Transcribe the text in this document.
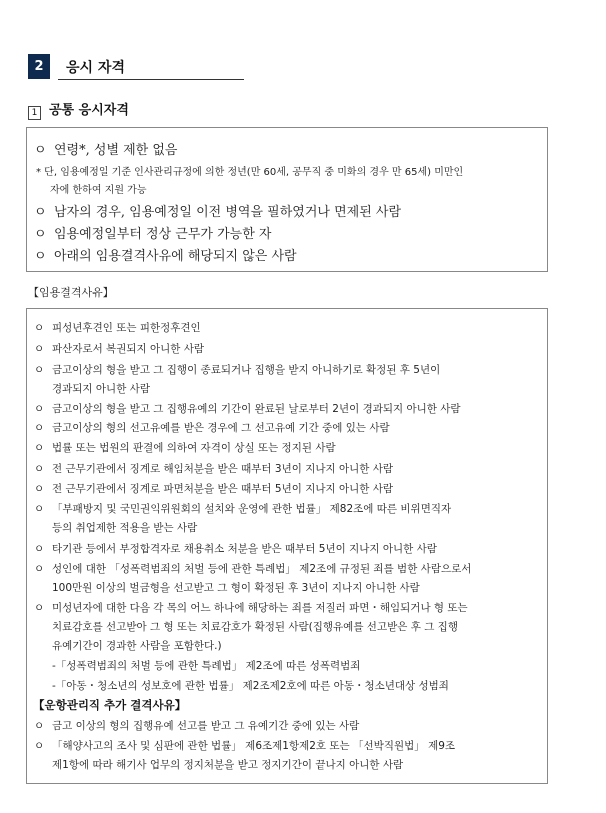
2	응시 자격
1 공통 응시자격
ㅇ 연령*, 성별 제한 없음
* 단, 임용예정일 기준 인사관리규정에 의한 정년(만 60세, 공무직 중 미화의 경우 만 65세) 미만인
자에 한하여 지원 가능
ㅇ 남자의 경우, 임용예정일 이전 병역을 필하였거나 면제된 사람
ㅇ 임용예정일부터 정상 근무가 가능한 자
ㅇ 아래의 임용결격사유에 해당되지 않은 사람
【임용결격사유】
ㅇ 피성년후견인 또는 피한정후견인
ㅇ 파산자로서 복권되지 아니한 사람
ㅇ 금고이상의 형을 받고 그 집행이 종료되거나 집행을 받지 아니하기로 확정된 후 5년이
경과되지 아니한 사람
ㅇ 금고이상의 형을 받고 그 집행유예의 기간이 완료된 날로부터 2년이 경과되지 아니한 사람
ㅇ 금고이상의 형의 선고유예를 받은 경우에 그 선고유예 기간 중에 있는 사람
ㅇ 법률 또는 법원의 판결에 의하여 자격이 상실 또는 정지된 사람
ㅇ 전 근무기관에서 징계로 해임처분을 받은 때부터 3년이 지나지 아니한 사람
ㅇ 전 근무기관에서 징계로 파면처분을 받은 때부터 5년이 지나지 아니한 사람
ㅇ 「부패방지 및 국민권익위원회의 설치와 운영에 관한 법률」 제82조에 따른 비위면직자
등의 취업제한 적용을 받는 사람
ㅇ 타기관 등에서 부정합격자로 채용취소 처분을 받은 때부터 5년이 지나지 아니한 사람
ㅇ 성인에 대한 「성폭력범죄의 처벌 등에 관한 특례법」 제2조에 규정된 죄를 범한 사람으로서
100만원 이상의 벌금형을 선고받고 그 형이 확정된 후 3년이 지나지 아니한 사람
ㅇ 미성년자에 대한 다음 각 목의 어느 하나에 해당하는 죄를 저질러 파면・해임되거나 형 또는
치료감호를 선고받아 그 형 또는 치료감호가 확정된 사람(집행유예를 선고받은 후 그 집행
유예기간이 경과한 사람을 포함한다.)
-「성폭력범죄의 처벌 등에 관한 특례법」 제2조에 따른 성폭력범죄
-「아동・청소년의 성보호에 관한 법률」 제2조제2호에 따른 아동・청소년대상 성범죄
【운항관리직 추가 결격사유】
ㅇ 금고 이상의 형의 집행유예 선고를 받고 그 유예기간 중에 있는 사람
ㅇ 「해양사고의 조사 및 심판에 관한 법률」 제6조제1항제2호 또는 「선박직원법」 제9조
제1항에 따라 해기사 업무의 정지처분을 받고 정지기간이 끝나지 아니한 사람
